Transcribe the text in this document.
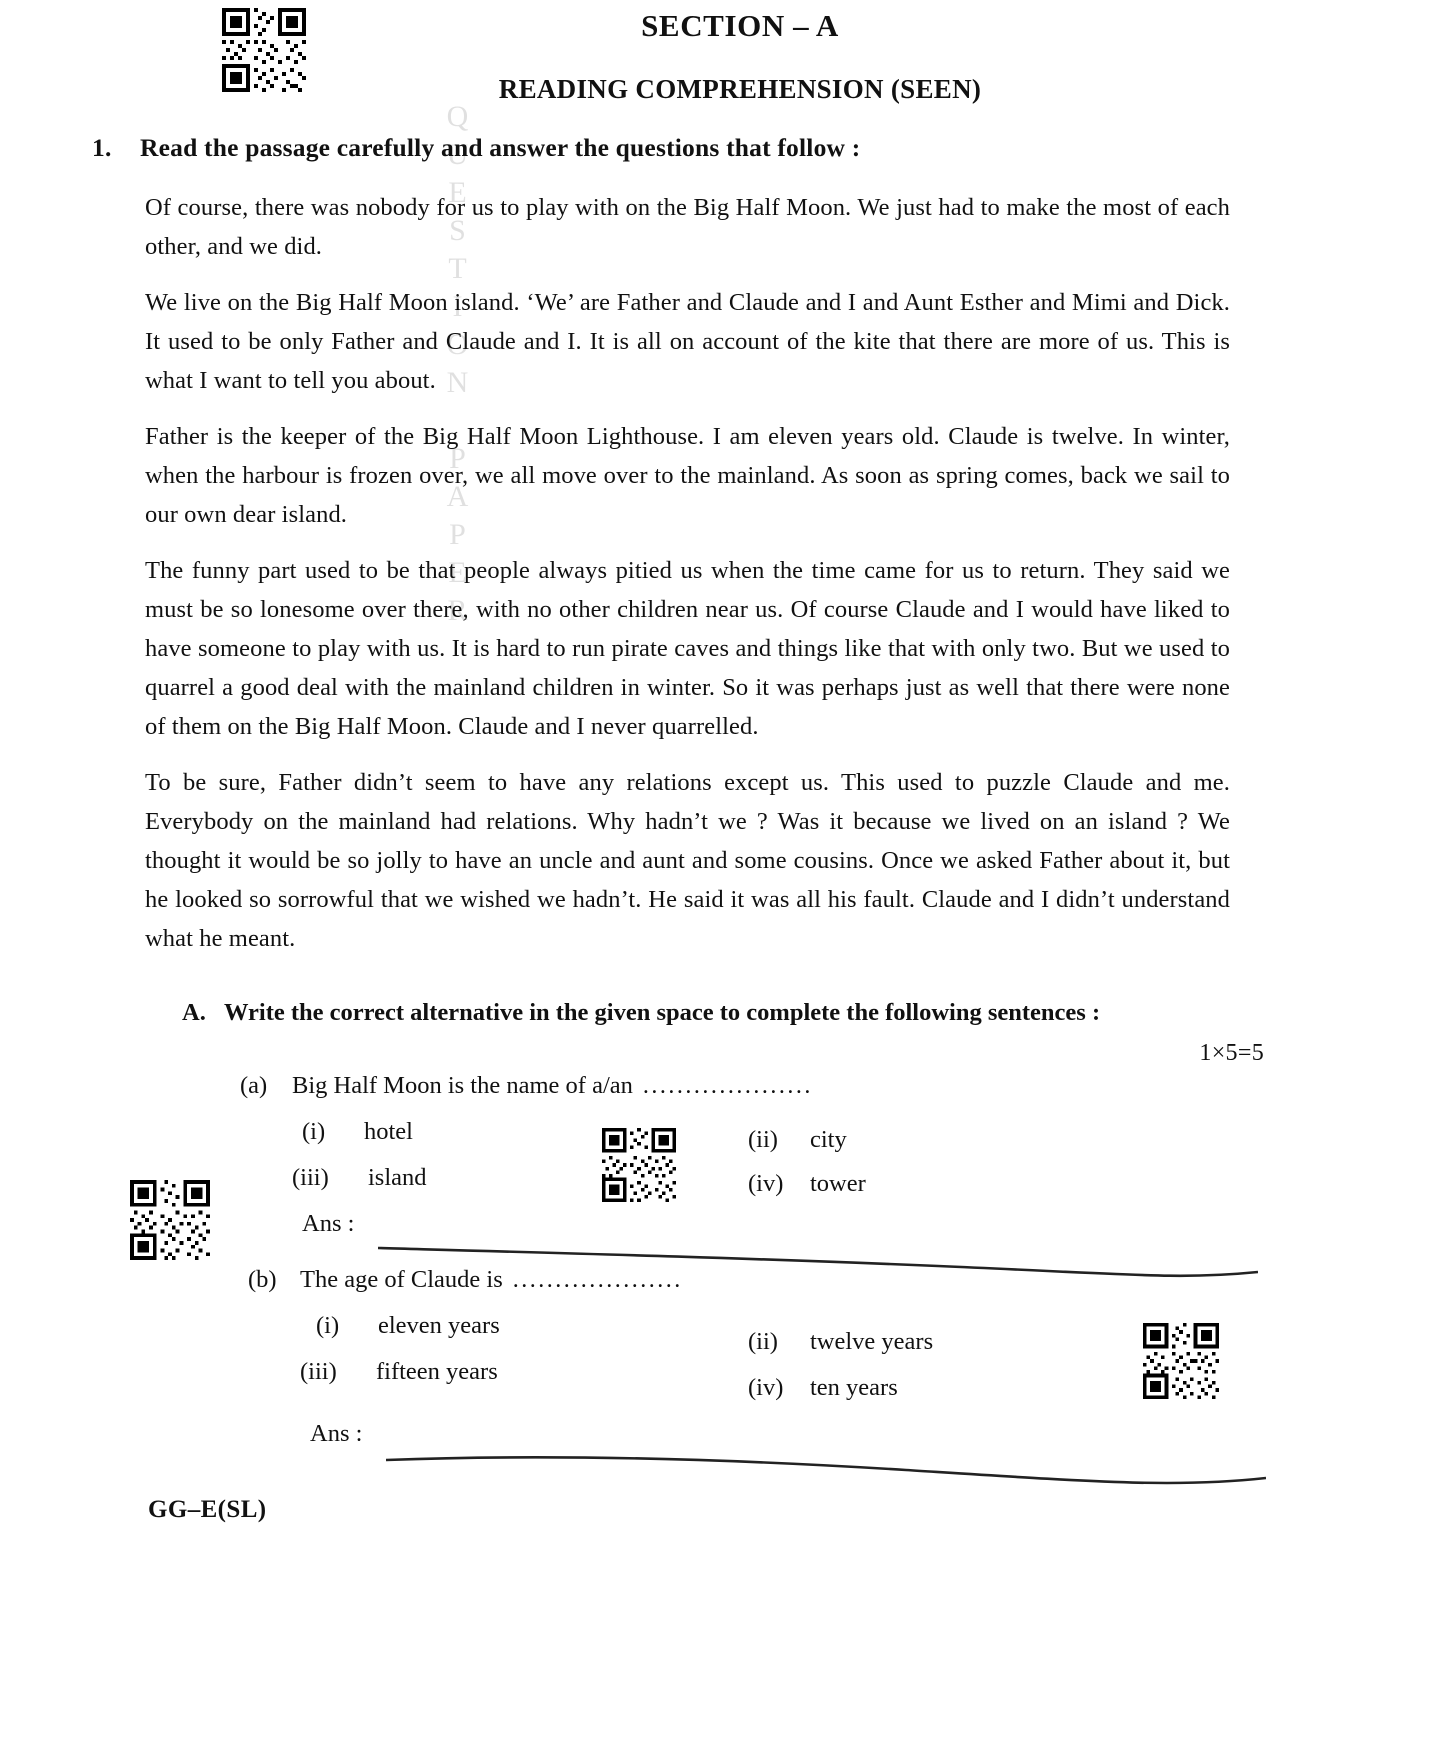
QUESTION PAPER
SECTION – A
READING COMPREHENSION (SEEN)
1. Read the passage carefully and answer the questions that follow :

Of course, there was nobody for us to play with on the Big Half Moon. We just had to make the most of each other, and we did.

We live on the Big Half Moon island. ‘We’ are Father and Claude and I and Aunt Esther and Mimi and Dick. It used to be only Father and Claude and I. It is all on account of the kite that there are more of us. This is what I want to tell you about.

Father is the keeper of the Big Half Moon Lighthouse. I am eleven years old. Claude is twelve. In winter, when the harbour is frozen over, we all move over to the mainland. As soon as spring comes, back we sail to our own dear island.

The funny part used to be that people always pitied us when the time came for us to return. They said we must be so lonesome over there, with no other children near us. Of course Claude and I would have liked to have someone to play with us. It is hard to run pirate caves and things like that with only two. But we used to quarrel a good deal with the mainland children in winter. So it was perhaps just as well that there were none of them on the Big Half Moon. Claude and I never quarrelled.

To be sure, Father didn’t seem to have any relations except us. This used to puzzle Claude and me. Everybody on the mainland had relations. Why hadn’t we ? Was it because we lived on an island ? We thought it would be so jolly to have an uncle and aunt and some cousins. Once we asked Father about it, but he looked so sorrowful that we wished we hadn’t. He said it was all his fault. Claude and I didn’t understand what he meant.

A. Write the correct alternative in the given space to complete the following sentences :
1×5=5
(a)	Big Half Moon is the name of a/an ....................
(i)	hotel	(ii)	city
(iii)	island	(iv)	tower
Ans :
(b) The age of Claude is ....................
(i)	eleven years
(ii)	twelve years
(iii)	fifteen years
(iv)	ten years
Ans :
GG–E(SL)
